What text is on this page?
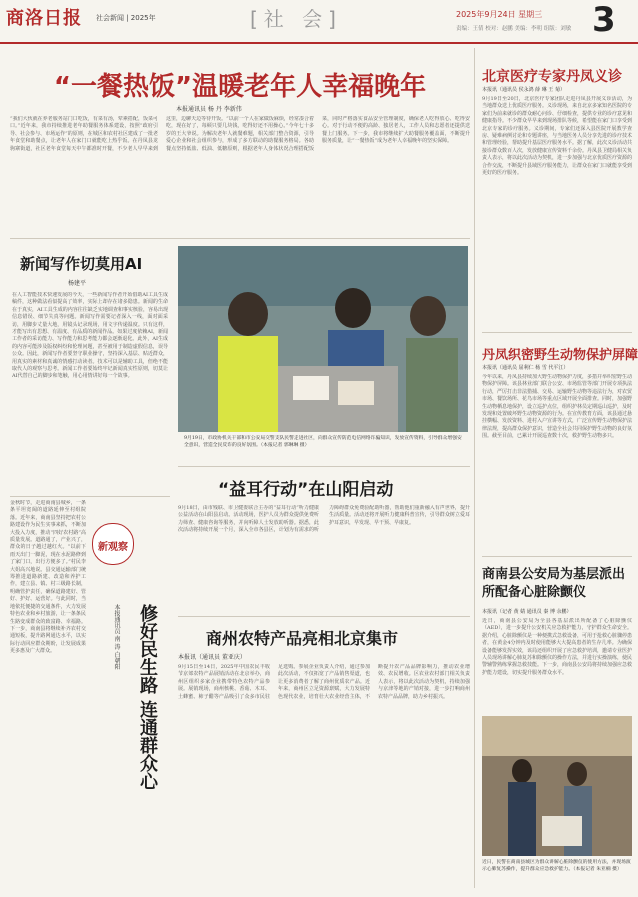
商洛日报 社会新闻 | 2025年	[社 会]	2025年9月24日 星期三
责编：王倩 校对：赵鹏 美编：李明 组版：刘敏 3
“一餐热饭”温暖老年人幸福晚年
本报通讯员 杨 丹 李新伟
“我们大伙就在养老服务站门口吃饭，有菜有汤，荤素搭配，饭菜可口。”近年来，我市持续推进老年助餐服务体系建设，按照“政府引导、社会参与、市场运作”的原则，在城区和农村社区建成了一批老年食堂和助餐点，让老年人在家门口就能吃上热乎饭。在丹凤县龙驹寨街道，社区老年食堂每天中午都准时开餐，不少老人早早来到这里，边聊天边等待开饭。“以前一个人在家做饭麻烦，经常凑合着吃，现在好了，每顿只要几块钱，吃得好还不用操心。”今年七十多岁的王大爷说。为解决老年人就餐难题，相关部门整合资源，引导爱心企业和社会组织参与，形成了多方联动的助餐服务格局。各助餐点坚持低盐、低油、低糖原则，根据老年人身体状况合理搭配饭菜，同时严格落实食品安全管理制度，确保老人吃得放心、吃得安心。对于行动不便的高龄、独居老人，工作人员和志愿者还提供送餐上门服务。下一步，我市将继续扩大助餐服务覆盖面，不断提升服务质量，让“一餐热饭”成为老年人幸福晚年的坚实保障。
新闻写作切莫用AI
杨建平
在人工智能技术快速发展的今天，一些新闻写作者开始借助AI工具生成稿件，这种做法看似提高了效率，实际上却存在诸多隐患。新闻的生命在于真实，AI工具生成的内容往往缺乏实地调查和事实核验，容易出现信息错误、细节失真等问题。新闻写作需要记者深入一线，面对面采访，用脚步丈量大地，用镜头记录现场，用文字传递温度。只有这样，才能写出有思想、有温度、有品质的新闻作品。如果过度依赖AI，新闻工作者的采访能力、写作能力和思考能力都会逐渐退化。此外，AI生成的内容可能涉及版权纠纷和伦理问题，甚至被用于制造虚假信息，误导公众。因此，新闻写作者要坚守职业操守，坚持深入基层、贴近群众，用真实的素材和真诚的情感打动读者。技术可以是辅助工具，但绝不能取代人的观察与思考。新闻工作者要始终牢记新闻真实性原则，切莫让AI代替自己的脚步和笔触，用心用情讲好每一个故事。
9月19日，市政协机关干部和市公安局交警支队民警走进社区，向群众宣传防范电信网络诈骗知识，发放宣传资料，引导群众增强安全意识，营造全民反诈的良好氛围。（本报记者 郭琳琳 摄）
“益耳行动”在山阳启动
9月18日，由市残联、市卫健委联合主办的“益耳行动”听力健康公益活动在山阳县启动。活动现场，医护人员为群众提供免费听力筛查、健康咨询等服务，并向听障人士发放助听器。据悉，此次活动将持续开展一个月，深入全市各县区，计划为有需求的听力障碍群众免费验配助听器，帮助他们重新融入有声世界，提升生活质量。活动还将开展听力健康科普宣传，引导群众树立爱耳护耳意识，早发现、早干预、早康复。
新观察
金秋时节，走进商南县城乡，一条条平坦宽阔的道路延伸至村组院落。近年来，商南县坚持把农村公路建设作为民生实事来抓，不断加大投入力度，推动“四好农村路”高质量发展。道路通了，产业兴了，群众的日子越过越红火。“以前下雨天出门一脚泥，现在水泥路修到了家门口，出行方便多了。”村民李大姐高兴地说。县交通运输部门统筹推进道路新建、改造和养护工作，建立县、镇、村三级路长制，明确管护责任，确保道路建好、管好、护好、运营好。与此同时，当地依托便捷的交通条件，大力发展特色农业和乡村旅游，让一条条民生路变成群众的致富路、幸福路。下一步，商南县将继续补齐农村交通短板，提升路网通达水平，以实际行动回应群众期盼，让发展成果更多惠及广大群众。	修好民生路 连通群众心
本报通讯员 南 涛 白朝阳	商州农特产品亮相北京集市
本报讯（通讯员 董亚庆）
9月15日至14日，2025年中国农民丰收节京郊农特产品展销活动在北京举办，商州区组织多家企业携带特色农特产品参展。展销现场，商州核桃、香菇、木耳、土蜂蜜、柿子醋等产品吸引了众多市民驻足选购。参展企业负责人介绍，通过参加此次活动，不仅拓宽了产品销售渠道，也让更多消费者了解了商州优质农产品。近年来，商州区立足资源禀赋，大力发展特色现代农业，培育壮大农业经营主体，不断提升农产品品牌影响力，推动农业增效、农民增收。区农业农村部门相关负责人表示，将以此次活动为契机，持续加强与京津等地的产销对接，进一步打响商州农特产品品牌，助力乡村振兴。
北京医疗专家丹凤义诊
本报讯（通讯员 侯永鸿 薛 琳 王 菊）
9月19日至20日，北京医疗专家团队走进丹凤县开展义诊活动，为当地群众送上优质医疗服务。义诊现场，来自北京多家知名医院的专家们为前来就诊的群众耐心问诊、仔细检查，提供专业的诊疗意见和健康指导。不少群众早早来到现场排队等候，希望能在家门口享受到北京专家的诊疗服务。义诊期间，专家们还深入县医院开展教学查房、疑难病例讨论和专题讲座，与当地医务人员分享先进的诊疗技术和管理经验，帮助提升基层医疗服务水平。据了解，此次义诊活动共接诊群众数百人次，发放健康宣传资料千余份。丹凤县卫健局相关负责人表示，将以此次活动为契机，进一步加强与北京优质医疗资源的合作交流，不断提升县域医疗服务能力，让群众在家门口就能享受到更好的医疗服务。
丹凤织密野生动物保护屏障
本报讯（通讯员 屈利仁 杨 雪 代平江）
今年以来，丹凤县持续加大野生动物保护力度，多措并举织密野生动物保护屏障。该县林业部门联合公安、市场监管等部门开展专项执法行动，严厉打击非法猎捕、交易、运输野生动物等违法行为，对农贸市场、餐饮场所、花鸟市场等重点区域开展全面排查。同时，加强野生动物栖息地保护，设立巡护点位，组织护林员定期巡山巡护，及时发现和处置破坏野生动物资源的行为。在宣传教育方面，该县通过悬挂横幅、发放资料、进村入户宣讲等方式，广泛宣传野生动物保护法律法规，提高群众保护意识，营造全社会共同保护野生动物的良好氛围。截至目前，已累计开展巡查数十次，救护野生动物多只。
商南县公安局为基层派出所配备心脏除颤仪
本报讯（记者 黄 婧 通讯员 秦 博 余鹏）
近日，商南县公安局为全县各基层派出所配备了心脏除颤仪（AED），进一步提升公安机关应急救护能力，守护群众生命安全。据介绍，心脏除颤仪是一种便携式急救设备，可用于抢救心脏骤停患者，在黄金4分钟内及时使用能够大大提高患者的生存几率。为确保设备能够发挥实效，该局还组织开展了应急救护培训，邀请专业医护人员现场讲解心肺复苏和除颤仪的操作方法，并进行实操演练，使民警辅警熟练掌握急救技能。下一步，商南县公安局将持续加强应急救护能力建设，切实提升服务群众水平。
近日，民警在商南县城区为群众讲解心脏除颤仪的使用方法，并现场演示心肺复苏操作，提升群众应急救护能力。（本报记者 朱亚楠 摄）
